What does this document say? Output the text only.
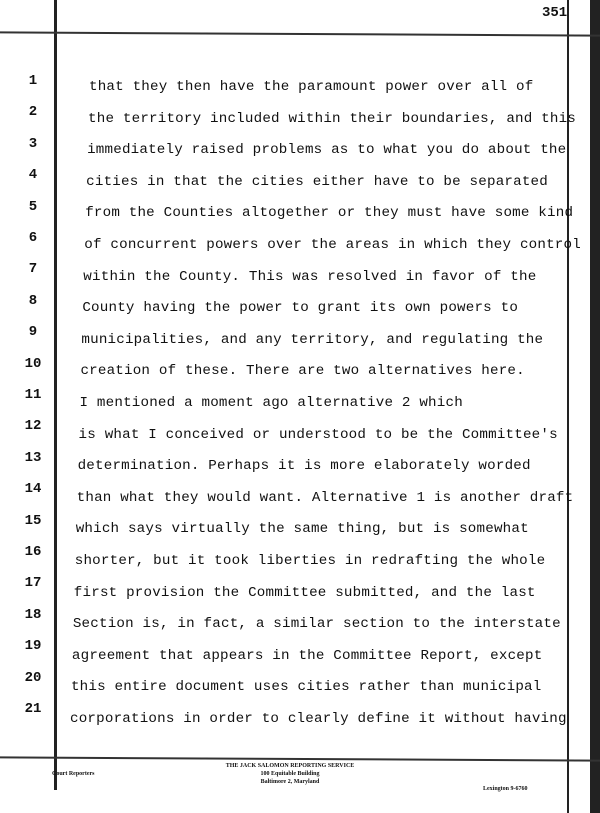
351
1
2
3
4
5
6
7
8
9
10
11
12
13
14
15
16
17
18
19
20
21
that they then have the paramount power over all of
the territory included within their boundaries, and this
immediately raised problems as to what you do about the
cities in that the cities either have to be separated
from the Counties altogether or they must have some kind
of concurrent powers over the areas in which they control
within the County. This was resolved in favor of the
County having the power to grant its own powers to
municipalities, and any territory, and regulating the
creation of these. There are two alternatives here.
I mentioned a moment ago alternative 2 which
is what I conceived or understood to be the Committee's
determination. Perhaps it is more elaborately worded
than what they would want. Alternative 1 is another draft
which says virtually the same thing, but is somewhat
shorter, but it took liberties in redrafting the whole
first provision the Committee submitted, and the last
Section is, in fact, a similar section to the interstate
agreement that appears in the Committee Report, except
this entire document uses cities rather than municipal
corporations in order to clearly define it without having
Court Reporters
THE JACK SALOMON REPORTING SERVICE
100 Equitable Building
Baltimore 2, Maryland
Lexington 9-6760
